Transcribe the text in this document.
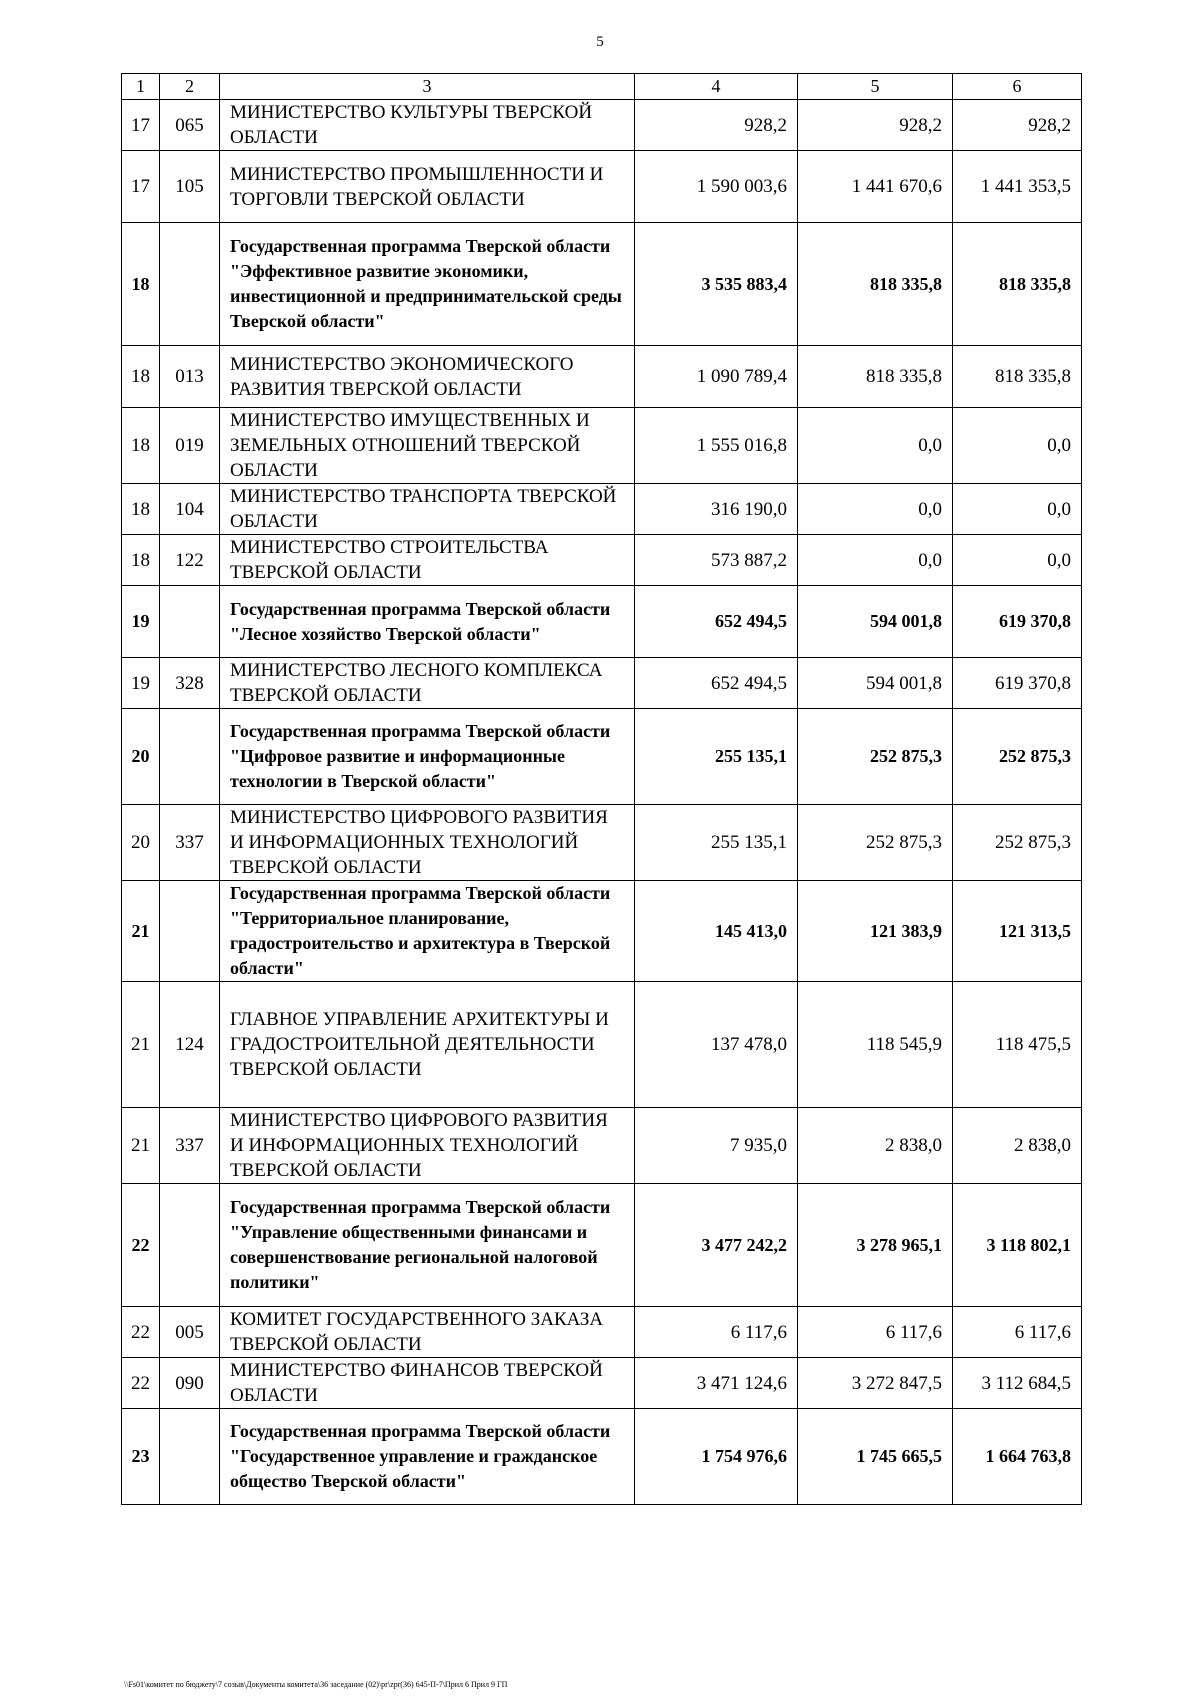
5
1	2	3	4	5	6
17	065	МИНИСТЕРСТВО КУЛЬТУРЫ ТВЕРСКОЙ ОБЛАСТИ	928,2	928,2	928,2
17	105	МИНИСТЕРСТВО ПРОМЫШЛЕННОСТИ И ТОРГОВЛИ ТВЕРСКОЙ ОБЛАСТИ	1 590 003,6	1 441 670,6	1 441 353,5
18		Государственная программа Тверской области "Эффективное развитие экономики, инвестиционной и предпринимательской среды Тверской области"	3 535 883,4	818 335,8	818 335,8
18	013	МИНИСТЕРСТВО ЭКОНОМИЧЕСКОГО РАЗВИТИЯ ТВЕРСКОЙ ОБЛАСТИ	1 090 789,4	818 335,8	818 335,8
18	019	МИНИСТЕРСТВО ИМУЩЕСТВЕННЫХ И ЗЕМЕЛЬНЫХ ОТНОШЕНИЙ ТВЕРСКОЙ ОБЛАСТИ	1 555 016,8	0,0	0,0
18	104	МИНИСТЕРСТВО ТРАНСПОРТА ТВЕРСКОЙ ОБЛАСТИ	316 190,0	0,0	0,0
18	122	МИНИСТЕРСТВО СТРОИТЕЛЬСТВА ТВЕРСКОЙ ОБЛАСТИ	573 887,2	0,0	0,0
19		Государственная программа Тверской области "Лесное хозяйство Тверской области"	652 494,5	594 001,8	619 370,8
19	328	МИНИСТЕРСТВО ЛЕСНОГО КОМПЛЕКСА ТВЕРСКОЙ ОБЛАСТИ	652 494,5	594 001,8	619 370,8
20		Государственная программа Тверской области "Цифровое развитие и информационные технологии в Тверской области"	255 135,1	252 875,3	252 875,3
20	337	МИНИСТЕРСТВО ЦИФРОВОГО РАЗВИТИЯ И ИНФОРМАЦИОННЫХ ТЕХНОЛОГИЙ ТВЕРСКОЙ ОБЛАСТИ	255 135,1	252 875,3	252 875,3
21		Государственная программа Тверской области "Территориальное планирование, градостроительство и архитектура в Тверской области"	145 413,0	121 383,9	121 313,5
21	124	ГЛАВНОЕ УПРАВЛЕНИЕ АРХИТЕКТУРЫ И ГРАДОСТРОИТЕЛЬНОЙ ДЕЯТЕЛЬНОСТИ ТВЕРСКОЙ ОБЛАСТИ	137 478,0	118 545,9	118 475,5
21	337	МИНИСТЕРСТВО ЦИФРОВОГО РАЗВИТИЯ И ИНФОРМАЦИОННЫХ ТЕХНОЛОГИЙ ТВЕРСКОЙ ОБЛАСТИ	7 935,0	2 838,0	2 838,0
22		Государственная программа Тверской области "Управление общественными финансами и совершенствование региональной налоговой политики"	3 477 242,2	3 278 965,1	3 118 802,1
22	005	КОМИТЕТ ГОСУДАРСТВЕННОГО ЗАКАЗА ТВЕРСКОЙ ОБЛАСТИ	6 117,6	6 117,6	6 117,6
22	090	МИНИСТЕРСТВО ФИНАНСОВ ТВЕРСКОЙ ОБЛАСТИ	3 471 124,6	3 272 847,5	3 112 684,5
23		Государственная программа Тверской области "Государственное управление и гражданское общество Тверской области"	1 754 976,6	1 745 665,5	1 664 763,8
\\Fs01\комитет по бюджету\7 созыв\Документы комитета\36 заседание (02)\pr\zpr(36) 645-П-7\Прил 6 Прил 9 ГП
